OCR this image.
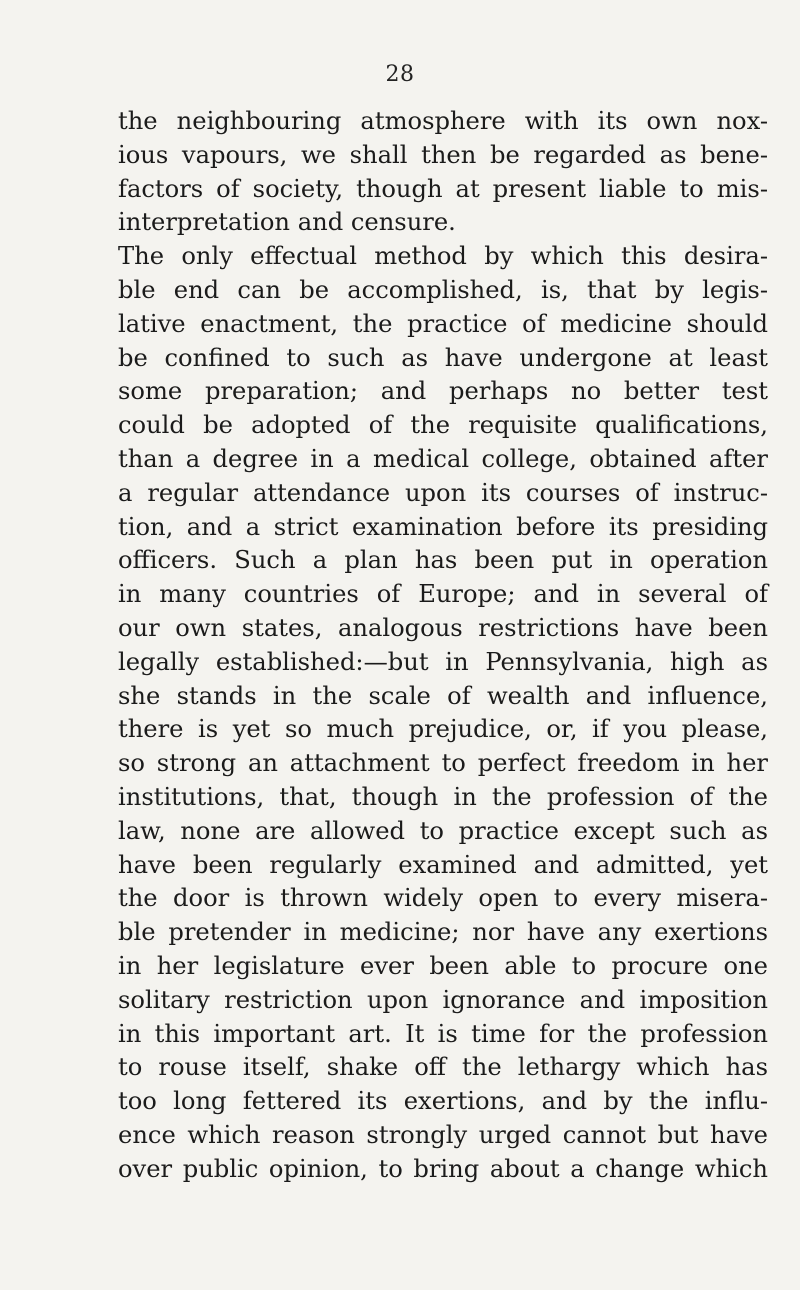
28
the neighbouring atmosphere with its own nox-
ious vapours, we shall then be regarded as bene-
factors of society, though at present liable to mis-
interpretation and censure.
The only effectual method by which this desira-
ble end can be accomplished, is, that by legis-
lative enactment, the practice of medicine should
be confined to such as have undergone at least
some preparation; and perhaps no better test
could be adopted of the requisite qualifications,
than a degree in a medical college, obtained after
a regular attendance upon its courses of instruc-
tion, and a strict examination before its presiding
officers. Such a plan has been put in operation
in many countries of Europe; and in several of
our own states, analogous restrictions have been
legally established:—but in Pennsylvania, high as
she stands in the scale of wealth and influence,
there is yet so much prejudice, or, if you please,
so strong an attachment to perfect freedom in her
institutions, that, though in the profession of the
law, none are allowed to practice except such as
have been regularly examined and admitted, yet
the door is thrown widely open to every misera-
ble pretender in medicine; nor have any exertions
in her legislature ever been able to procure one
solitary restriction upon ignorance and imposition
in this important art. It is time for the profession
to rouse itself, shake off the lethargy which has
too long fettered its exertions, and by the influ-
ence which reason strongly urged cannot but have
over public opinion, to bring about a change which
